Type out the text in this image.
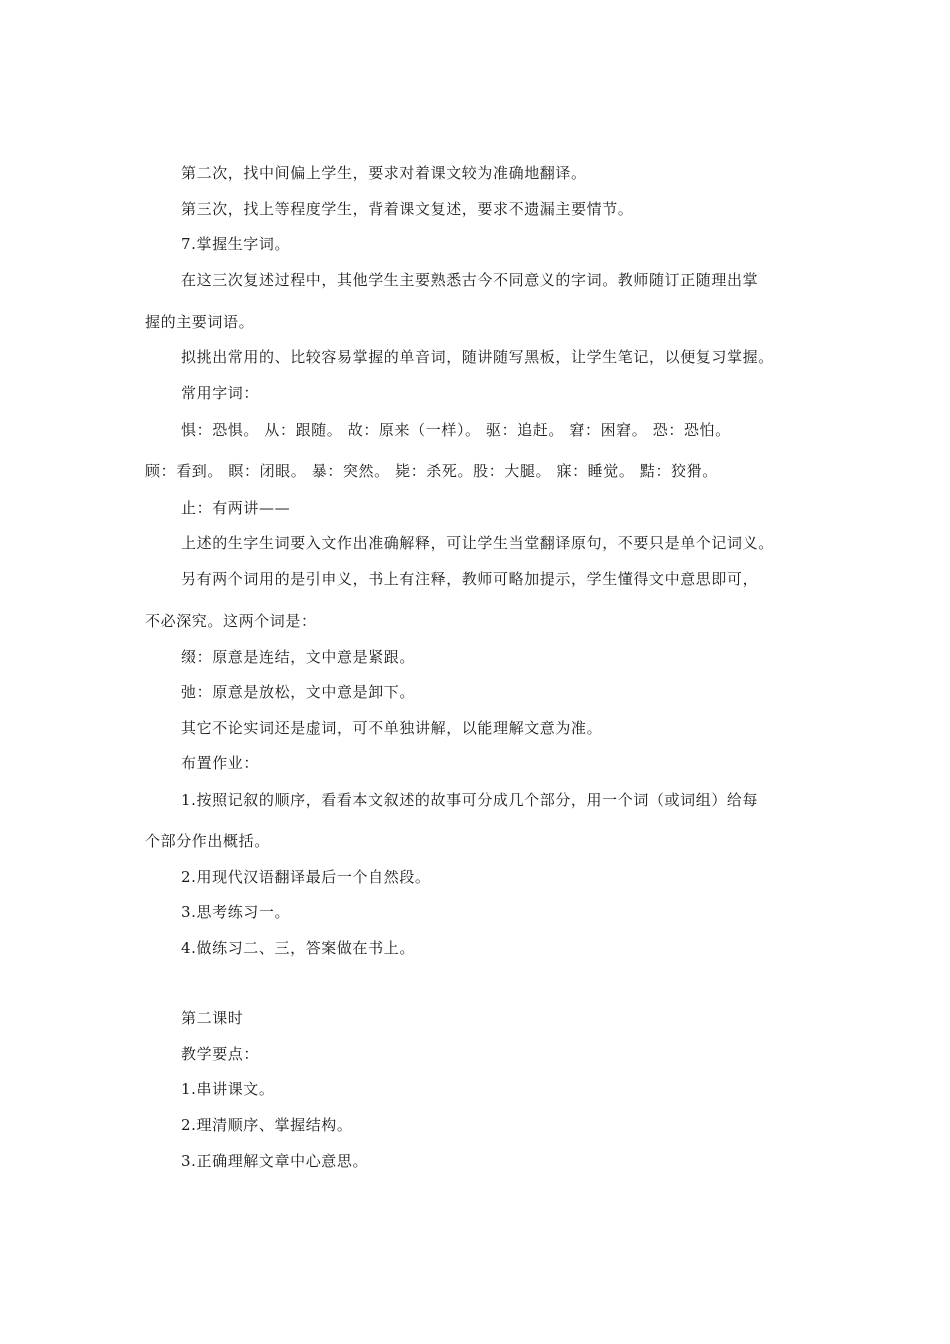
第二次，找中间偏上学生，要求对着课文较为准确地翻译。
第三次，找上等程度学生，背着课文复述，要求不遗漏主要情节。
7.掌握生字词。
在这三次复述过程中，其他学生主要熟悉古今不同意义的字词。教师随订正随理出掌
握的主要词语。
拟挑出常用的、比较容易掌握的单音词，随讲随写黑板，让学生笔记，以便复习掌握。
常用字词：
惧：恐惧。 从：跟随。 故：原来（一样）。 驱：追赶。 窘：困窘。 恐：恐怕。
顾：看到。 瞑：闭眼。 暴：突然。 毙：杀死。股：大腿。 寐：睡觉。 黠：狡猾。
止：有两讲——
上述的生字生词要入文作出准确解释，可让学生当堂翻译原句，不要只是单个记词义。
另有两个词用的是引申义，书上有注释，教师可略加提示，学生懂得文中意思即可，
不必深究。这两个词是：
缀：原意是连结，文中意是紧跟。
弛：原意是放松，文中意是卸下。
其它不论实词还是虚词，可不单独讲解，以能理解文意为准。
布置作业：
1.按照记叙的顺序，看看本文叙述的故事可分成几个部分，用一个词（或词组）给每
个部分作出概括。
2.用现代汉语翻译最后一个自然段。
3.思考练习一。
4.做练习二、三，答案做在书上。
第二课时
教学要点：
1.串讲课文。
2.理清顺序、掌握结构。
3.正确理解文章中心意思。
